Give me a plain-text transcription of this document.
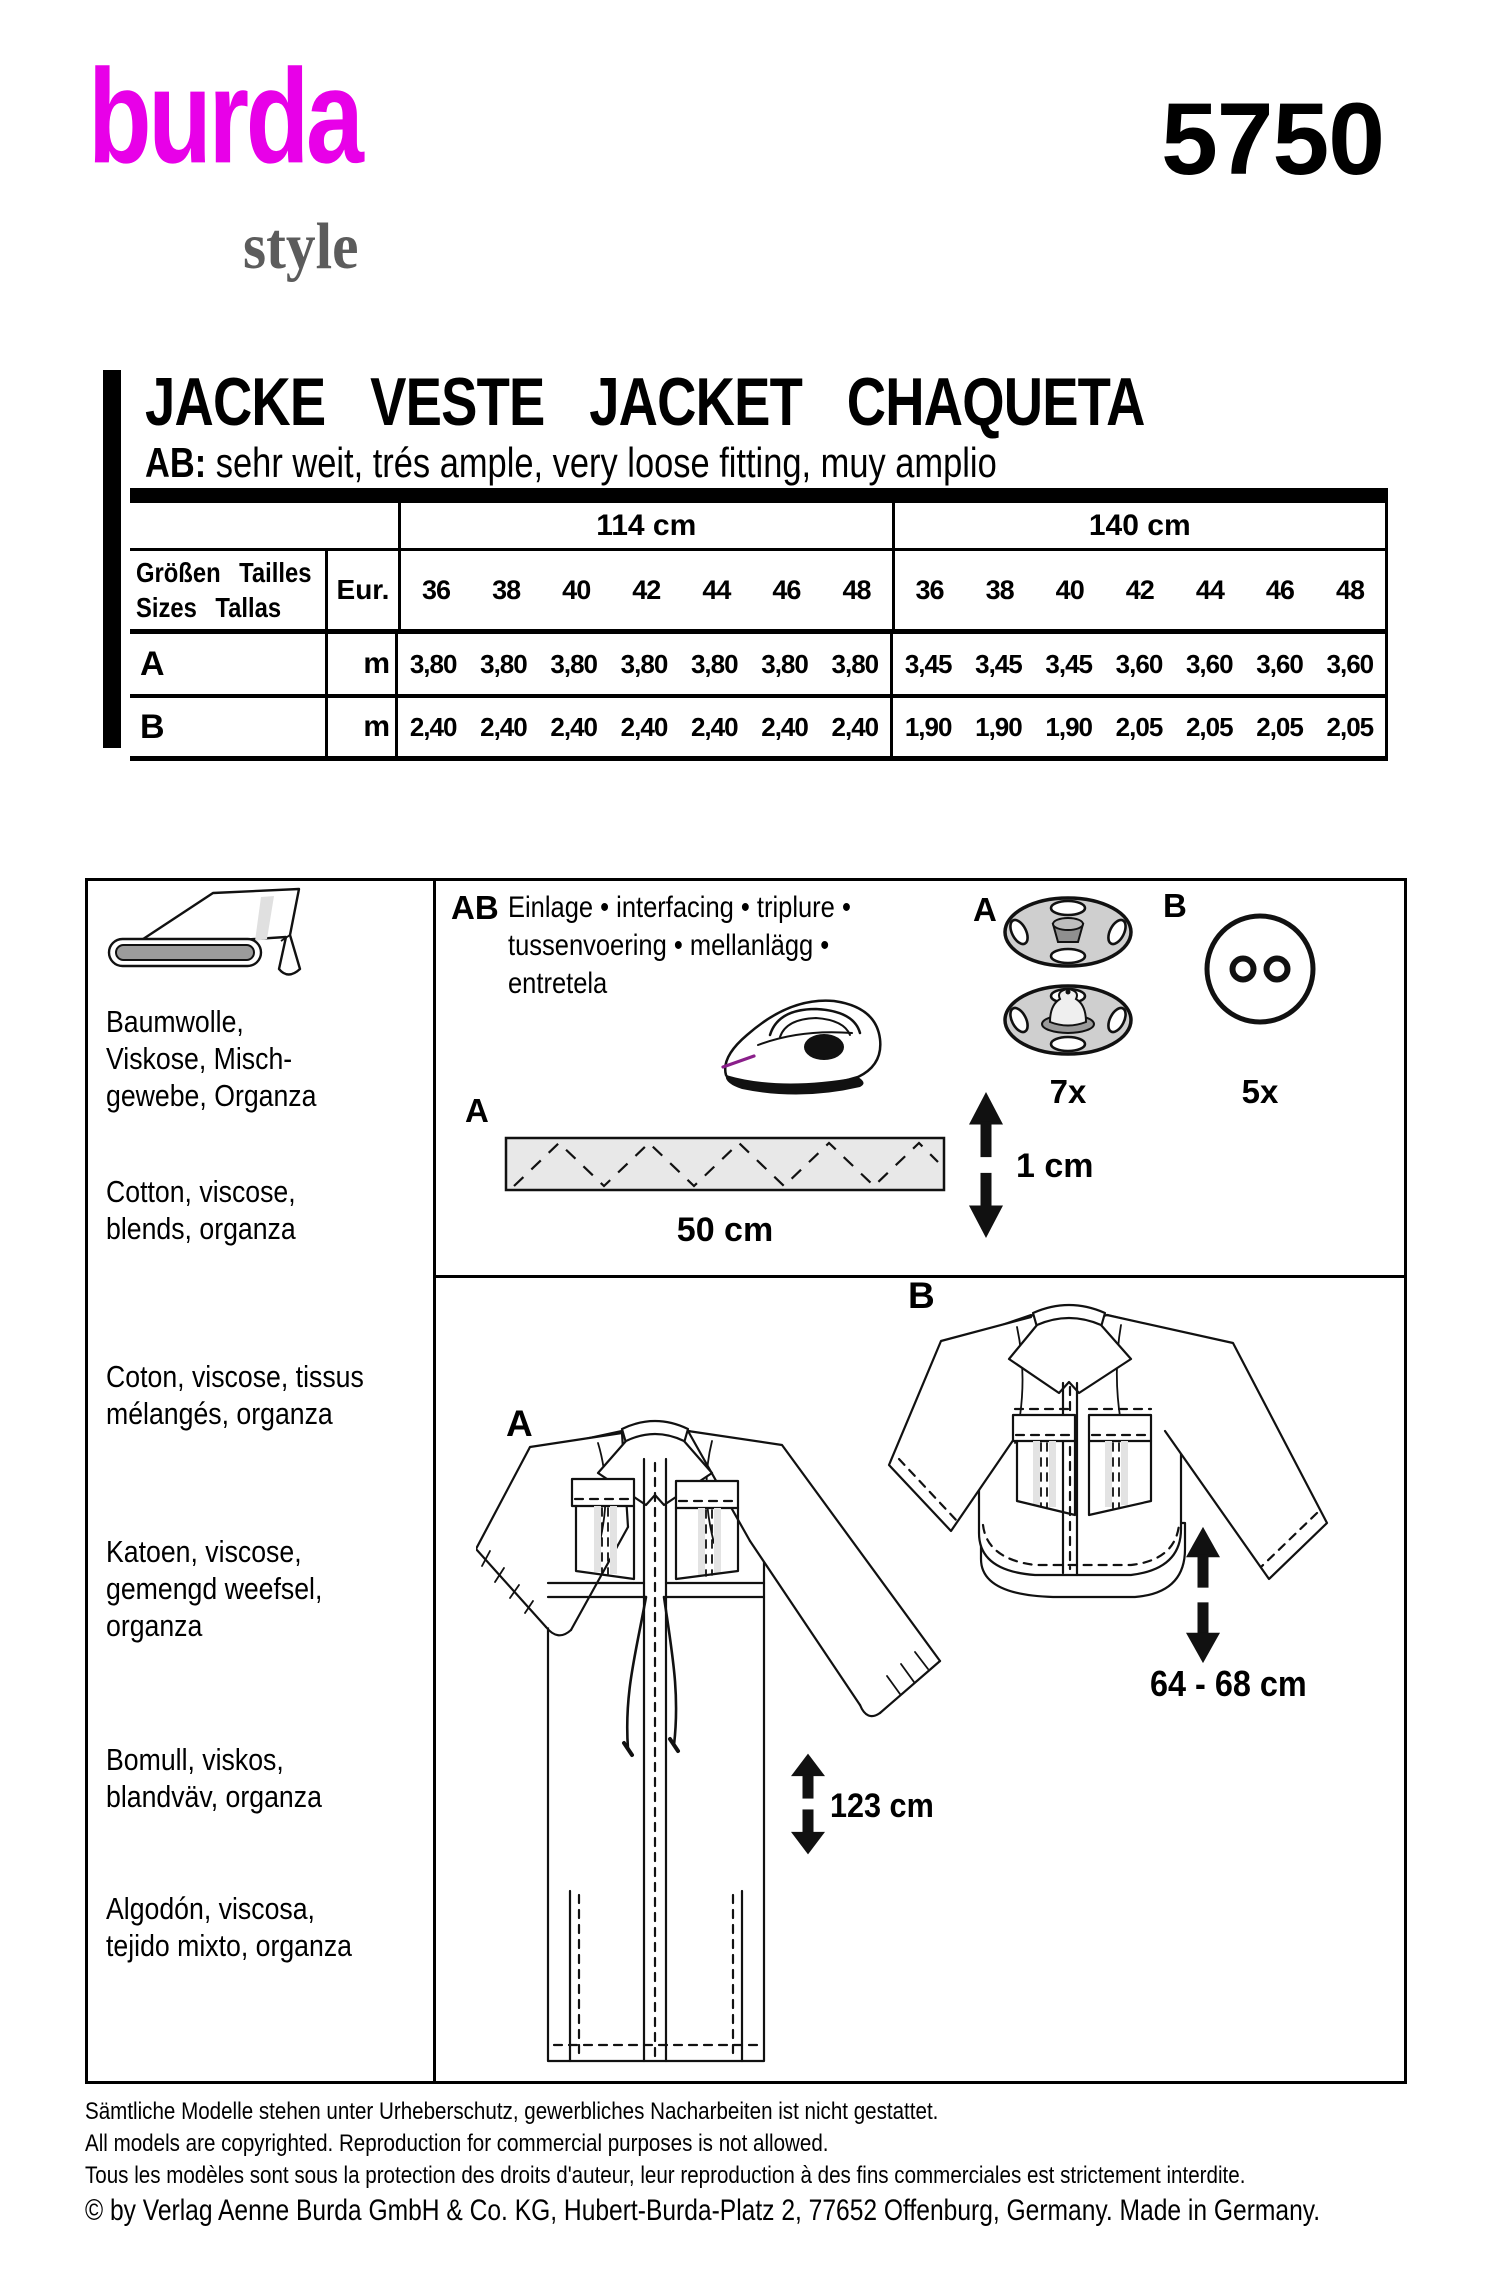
burda
style
5750
JACKE VESTE JACKET CHAQUETA
AB: sehr weit, trés ample, very loose fitting, muy amplio
114 cm	140 cm
Größen Tailles
Sizes Tallas
Eur.	36	38	40	42	44	46	48	36	38	40	42	44	46	48
A	m 3,80 3,80 3,80 3,80 3,80 3,80 3,80	3,45 3,45 3,45 3,60 3,60 3,60 3,60
B	m 2,40 2,40 2,40 2,40 2,40 2,40 2,40	1,90 1,90 1,90 2,05 2,05 2,05 2,05
Baumwolle,
Viskose, Misch-
gewebe, Organza
Cotton, viscose,
blends, organza
Coton, viscose, tissus
mélangés, organza
Katoen, viscose,
gemengd weefsel,
organza
Bomull, viskos,
blandväv, organza
Algodón, viscosa,
tejido mixto, organza
AB Einlage • interfacing • triplure •
tussenvoering • mellanlägg •
entretela
A
7x
B
5x
A
50 cm
1 cm
B
64 - 68 cm
A
123 cm
Sämtliche Modelle stehen unter Urheberschutz, gewerbliches Nacharbeiten ist nicht gestattet.
All models are copyrighted. Reproduction for commercial purposes is not allowed.
Tous les modèles sont sous la protection des droits d'auteur, leur reproduction à des fins commerciales est strictement interdite.
© by Verlag Aenne Burda GmbH & Co. KG, Hubert-Burda-Platz 2, 77652 Offenburg, Germany. Made in Germany.
